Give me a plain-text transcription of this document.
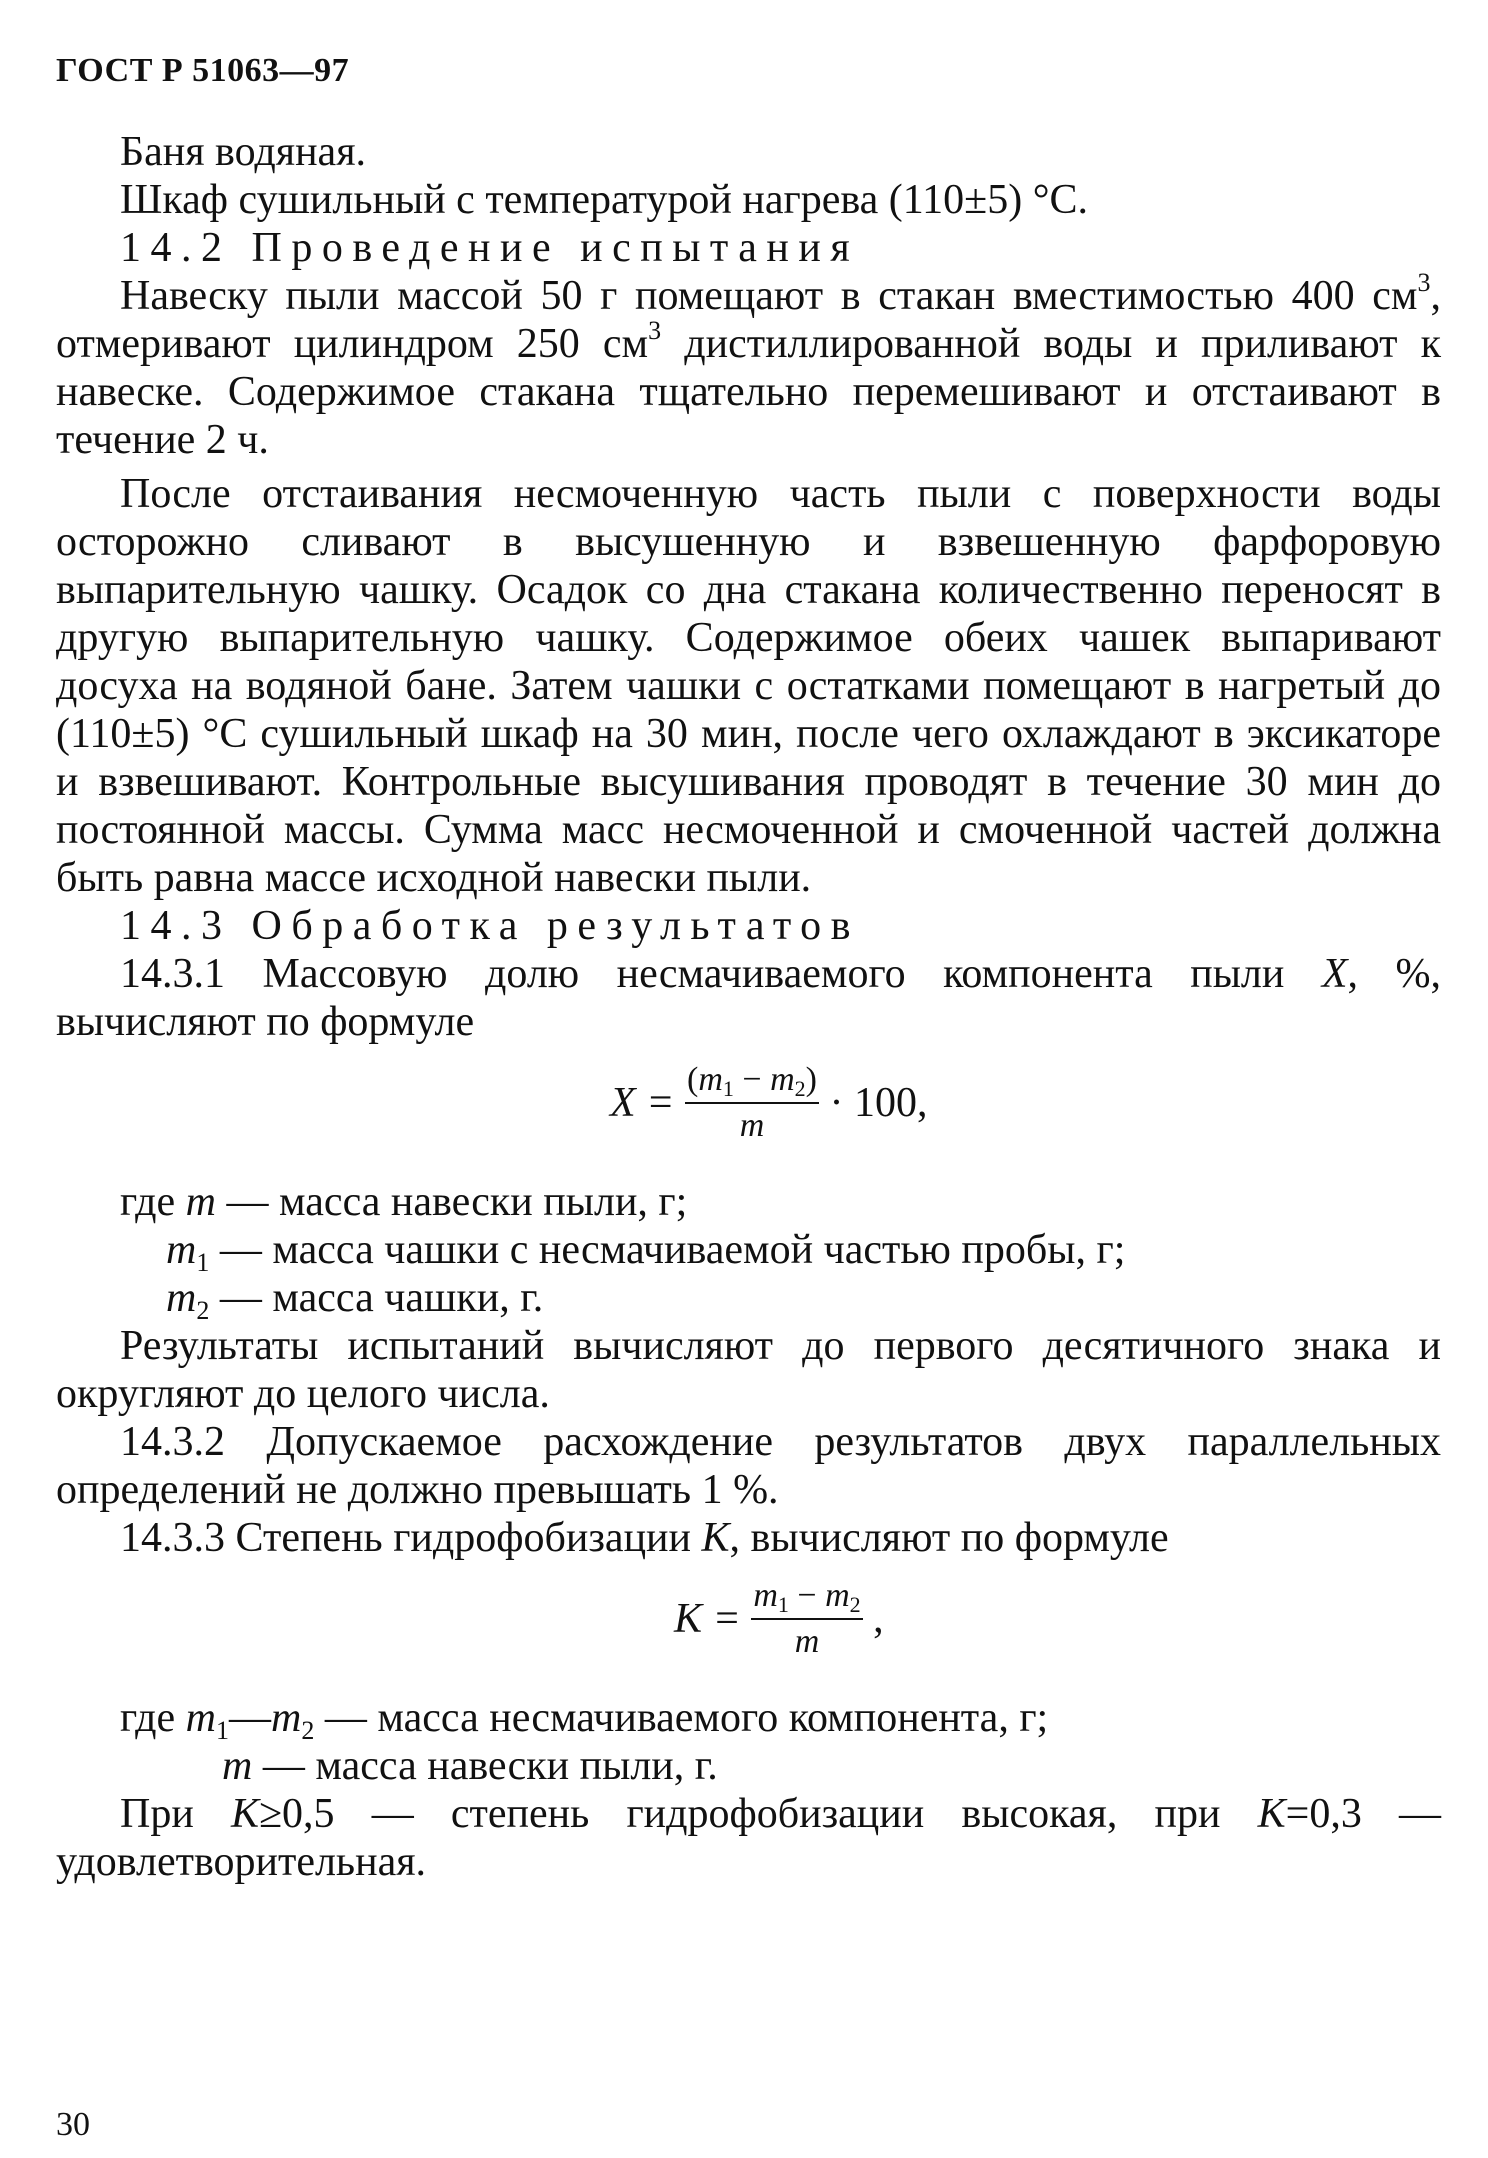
ГОСТ Р 51063—97

Баня водяная.

Шкаф сушильный с температурой нагрева (110±5) °С.

14.2 Проведение испытания

Навеску пыли массой 50 г помещают в стакан вместимостью 400 $см^3$, отмеривают цилиндром 250 $см^3$ дистиллированной воды и приливают к навеске. Содержимое стакана тщательно перемешивают и отстаивают в течение 2 ч.

После отстаивания несмоченную часть пыли с поверхности воды осторожно сливают в высушенную и взвешенную фарфоровую выпарительную чашку. Осадок со дна стакана количественно переносят в другую выпарительную чашку. Содержимое обеих чашек выпаривают досуха на водяной бане. Затем чашки с остатками помещают в нагретый до (110±5) °С сушильный шкаф на 30 мин, после чего охлаждают в эксикаторе и взвешивают. Контрольные высушивания проводят в течение 30 мин до постоянной массы. Сумма масс несмоченной и смоченной частей должна быть равна массе исходной навески пыли.

14.3 Обработка результатов

14.3.1 Массовую долю несмачиваемого компонента пыли X, %, вычисляют по формуле

$X = \frac{(m_1 - m_2)}{m} \cdot 100$,

где m — масса навески пыли, г;

$m_1$ — масса чашки с несмачиваемой частью пробы, г;

$m_2$ — масса чашки, г.

Результаты испытаний вычисляют до первого десятичного знака и округляют до целого числа.

14.3.2 Допускаемое расхождение результатов двух параллельных определений не должно превышать 1 %.

14.3.3 Степень гидрофобизации K, вычисляют по формуле

$K = \frac{m_1 - m_2}{m}$ ,

где $m_1—m_2$ — масса несмачиваемого компонента, г;

m — масса навески пыли, г.

При K≥0,5 — степень гидрофобизации высокая, при K=0,3 — удовлетворительная.

30
